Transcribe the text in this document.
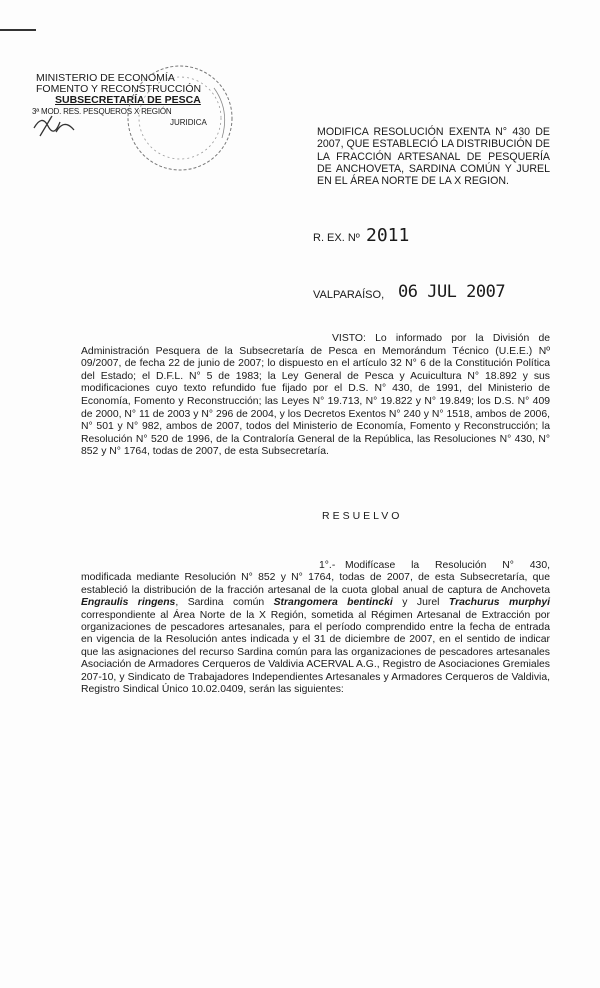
MINISTERIO DE ECONOMÍA
FOMENTO Y RECONSTRUCCIÓN
SUBSECRETARÍA DE PESCA
3ª MOD. RES. PESQUEROS X REGIÓN
JURIDICA
MODIFICA RESOLUCIÓN EXENTA N° 430 DE 2007, QUE ESTABLECIÓ LA DISTRIBUCIÓN DE LA FRACCIÓN ARTESANAL DE PESQUERÍA DE ANCHOVETA, SARDINA COMÚN Y JUREL EN EL ÁREA NORTE DE LA X REGION.
R. EX. Nº 2011
VALPARAÍSO, 06 JUL 2007
VISTO: Lo informado por la División de Administración Pesquera de la Subsecretaría de Pesca en Memorándum Técnico (U.E.E.) Nº 09/2007, de fecha 22 de junio de 2007; lo dispuesto en el artículo 32 N° 6 de la Constitución Política del Estado; el D.F.L. N° 5 de 1983; la Ley General de Pesca y Acuicultura N° 18.892 y sus modificaciones cuyo texto refundido fue fijado por el D.S. N° 430, de 1991, del Ministerio de Economía, Fomento y Reconstrucción; las Leyes N° 19.713, N° 19.822 y N° 19.849; los D.S. N° 409 de 2000, N° 11 de 2003 y N° 296 de 2004, y los Decretos Exentos N° 240 y N° 1518, ambos de 2006, N° 501 y N° 982, ambos de 2007, todos del Ministerio de Economía, Fomento y Reconstrucción; la Resolución N° 520 de 1996, de la Contraloría General de la República, las Resoluciones N° 430, N° 852 y N° 1764, todas de 2007, de esta Subsecretaría.
RESUELVO
1°.- Modifícase la Resolución N° 430, modificada mediante Resolución N° 852 y N° 1764, todas de 2007, de esta Subsecretaría, que estableció la distribución de la fracción artesanal de la cuota global anual de captura de Anchoveta Engraulis ringens, Sardina común Strangomera bentincki y Jurel Trachurus murphyi correspondiente al Área Norte de la X Región, sometida al Régimen Artesanal de Extracción por organizaciones de pescadores artesanales, para el período comprendido entre la fecha de entrada en vigencia de la Resolución antes indicada y el 31 de diciembre de 2007, en el sentido de indicar que las asignaciones del recurso Sardina común para las organizaciones de pescadores artesanales Asociación de Armadores Cerqueros de Valdivia ACERVAL A.G., Registro de Asociaciones Gremiales 207-10, y Sindicato de Trabajadores Independientes Artesanales y Armadores Cerqueros de Valdivia, Registro Sindical Único 10.02.0409, serán las siguientes:
